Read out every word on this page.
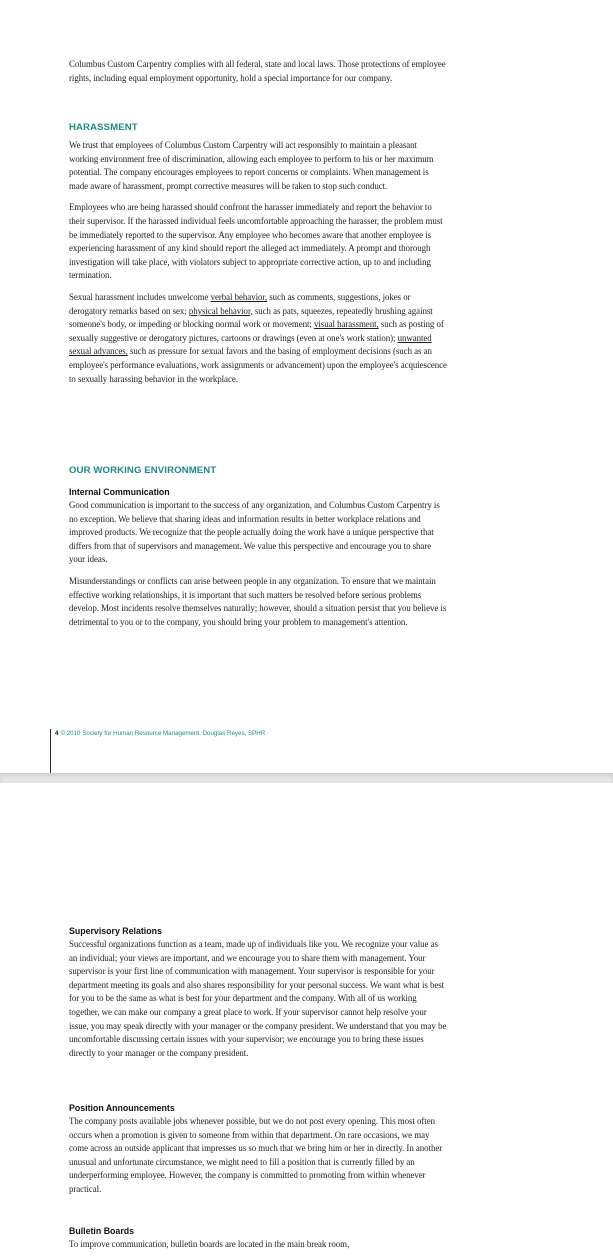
Columbus Custom Carpentry complies with all federal, state and local laws. Those protections of employee rights, including equal employment opportunity, hold a special importance for our company.

HARASSMENT

We trust that employees of Columbus Custom Carpentry will act responsibly to maintain a pleasant working environment free of discrimination, allowing each employee to perform to his or her maximum potential. The company encourages employees to report concerns or complaints. When management is made aware of harassment, prompt corrective measures will be taken to stop such conduct.

Employees who are being harassed should confront the harasser immediately and report the behavior to their supervisor. If the harassed individual feels uncomfortable approaching the harasser, the problem must be immediately reported to the supervisor. Any employee who becomes aware that another employee is experiencing harassment of any kind should report the alleged act immediately. A prompt and thorough investigation will take place, with violators subject to appropriate corrective action, up to and including termination.

Sexual harassment includes unwelcome verbal behavior, such as comments, suggestions, jokes or derogatory remarks based on sex; physical behavior, such as pats, squeezes, repeatedly brushing against someone's body, or impeding or blocking normal work or movement; visual harassment, such as posting of sexually suggestive or derogatory pictures, cartoons or drawings (even at one's work station); unwanted sexual advances, such as pressure for sexual favors and the basing of employment decisions (such as an employee's performance evaluations, work assignments or advancement) upon the employee's acquiescence to sexually harassing behavior in the workplace.

OUR WORKING ENVIRONMENT
Internal Communication

Good communication is important to the success of any organization, and Columbus Custom Carpentry is no exception. We believe that sharing ideas and information results in better workplace relations and improved products. We recognize that the people actually doing the work have a unique perspective that differs from that of supervisors and management. We value this perspective and encourage you to share your ideas.

Misunderstandings or conflicts can arise between people in any organization. To ensure that we maintain effective working relationships, it is important that such matters be resolved before serious problems develop. Most incidents resolve themselves naturally; however, should a situation persist that you believe is detrimental to you or to the company, you should bring your problem to management's attention.

4 © 2010 Society for Human Resource Management. Douglas Reyes, SPHR
Supervisory Relations

Successful organizations function as a team, made up of individuals like you. We recognize your value as an individual; your views are important, and we encourage you to share them with management. Your supervisor is your first line of communication with management. Your supervisor is responsible for your department meeting its goals and also shares responsibility for your personal success. We want what is best for you to be the same as what is best for your department and the company. With all of us working together, we can make our company a great place to work. If your supervisor cannot help resolve your issue, you may speak directly with your manager or the company president. We understand that you may be uncomfortable discussing certain issues with your supervisor; we encourage you to bring these issues directly to your manager or the company president.

Position Announcements

The company posts available jobs whenever possible, but we do not post every opening. This most often occurs when a promotion is given to someone from within that department. On rare occasions, we may come across an outside applicant that impresses us so much that we bring him or her in directly. In another unusual and unfortunate circumstance, we might need to fill a position that is currently filled by an underperforming employee. However, the company is committed to promoting from within whenever practical.

Bulletin Boards

To improve communication, bulletin boards are located in the main break room,
